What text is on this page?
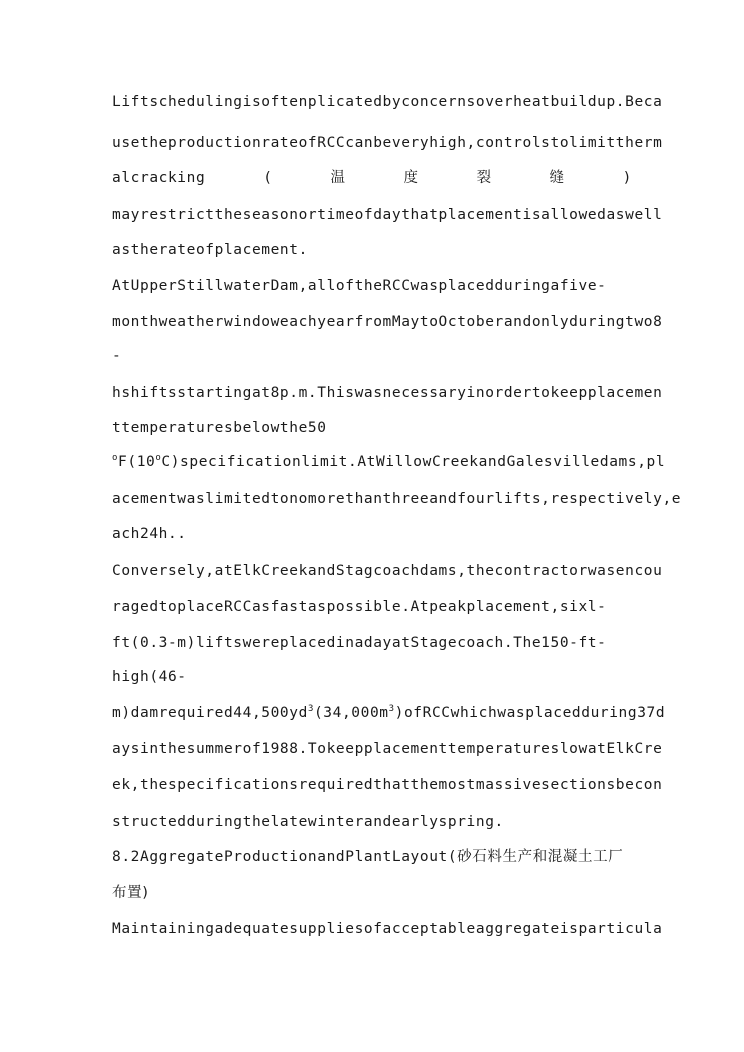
Liftschedulingisoftenplicatedbyconcernsoverheatbuildup.Beca
usetheproductionrateofRCCcanbeveryhigh,controlstolimittherm
alcracking	(	温	度	裂	缝	)
mayrestricttheseasonortimeofdaythatplacementisallowedaswell
astherateofplacement.
AtUpperStillwaterDam,alloftheRCCwasplacedduringafive-
monthweatherwindoweachyearfromMaytoOctoberandonlyduringtwo8
-
hshiftsstartingat8p.m.Thiswasnecessaryinordertokeepplacemen
ttemperaturesbelowthe50
$^o$F(10$^o$C)specificationlimit.AtWillowCreekandGalesvilledams,pl
acementwaslimitedtonomorethanthreeandfourlifts,respectively,e
ach24h..
Conversely,atElkCreekandStagcoachdams,thecontractorwasencou
ragedtoplaceRCCasfastaspossible.Atpeakplacement,sixl-
ft(0.3-m)liftswereplacedinadayatStagecoach.The150-ft-
high(46-
$m)damrequired44,500yd^3(34,000m^3)ofRCCwhichwasplacedduring37d$
aysinthesummerof1988.TokeepplacementtemperatureslowatElkCre
ek,thespecificationsrequiredthatthemostmassivesectionsbecon
structedduringthelatewinterandearlyspring.
8.2AggregateProductionandPlantLayout(砂石料生产和混凝土工厂
布置)
Maintainingadequatesuppliesofacceptableaggregateisparticula
